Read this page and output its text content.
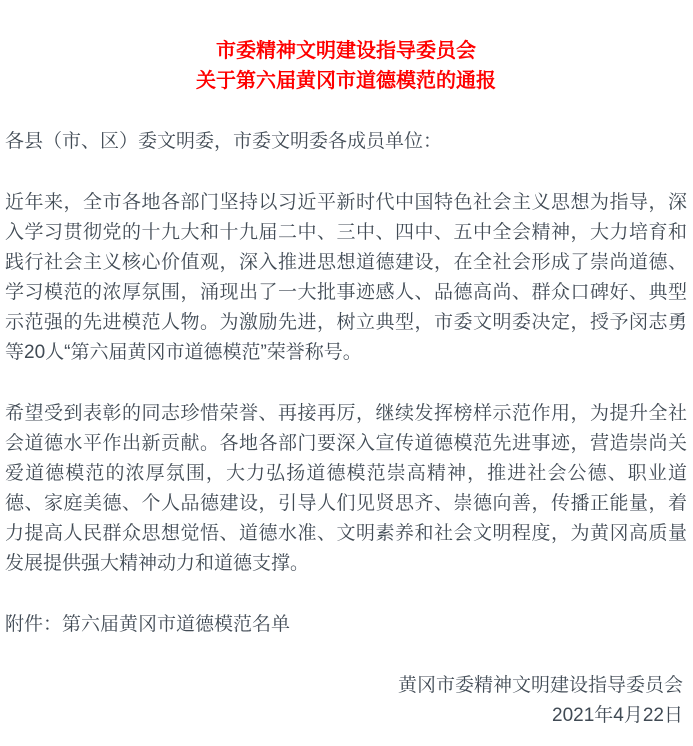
市委精神文明建设指导委员会
关于第六届黄冈市道德模范的通报

各县（市、区）委文明委，市委文明委各成员单位：

近年来，全市各地各部门坚持以习近平新时代中国特色社会主义思想为指导，深入学习贯彻党的十九大和十九届二中、三中、四中、五中全会精神，大力培育和践行社会主义核心价值观，深入推进思想道德建设，在全社会形成了崇尚道德、学习模范的浓厚氛围，涌现出了一大批事迹感人、品德高尚、群众口碑好、典型示范强的先进模范人物。为激励先进，树立典型，市委文明委决定，授予闵志勇等20人“第六届黄冈市道德模范”荣誉称号。

希望受到表彰的同志珍惜荣誉、再接再厉，继续发挥榜样示范作用，为提升全社会道德水平作出新贡献。各地各部门要深入宣传道德模范先进事迹，营造崇尚关爱道德模范的浓厚氛围，大力弘扬道德模范崇高精神，推进社会公德、职业道德、家庭美德、个人品德建设，引导人们见贤思齐、崇德向善，传播正能量，着力提高人民群众思想觉悟、道德水准、文明素养和社会文明程度，为黄冈高质量发展提供强大精神动力和道德支撑。

附件：第六届黄冈市道德模范名单

黄冈市委精神文明建设指导委员会
2021年4月22日
